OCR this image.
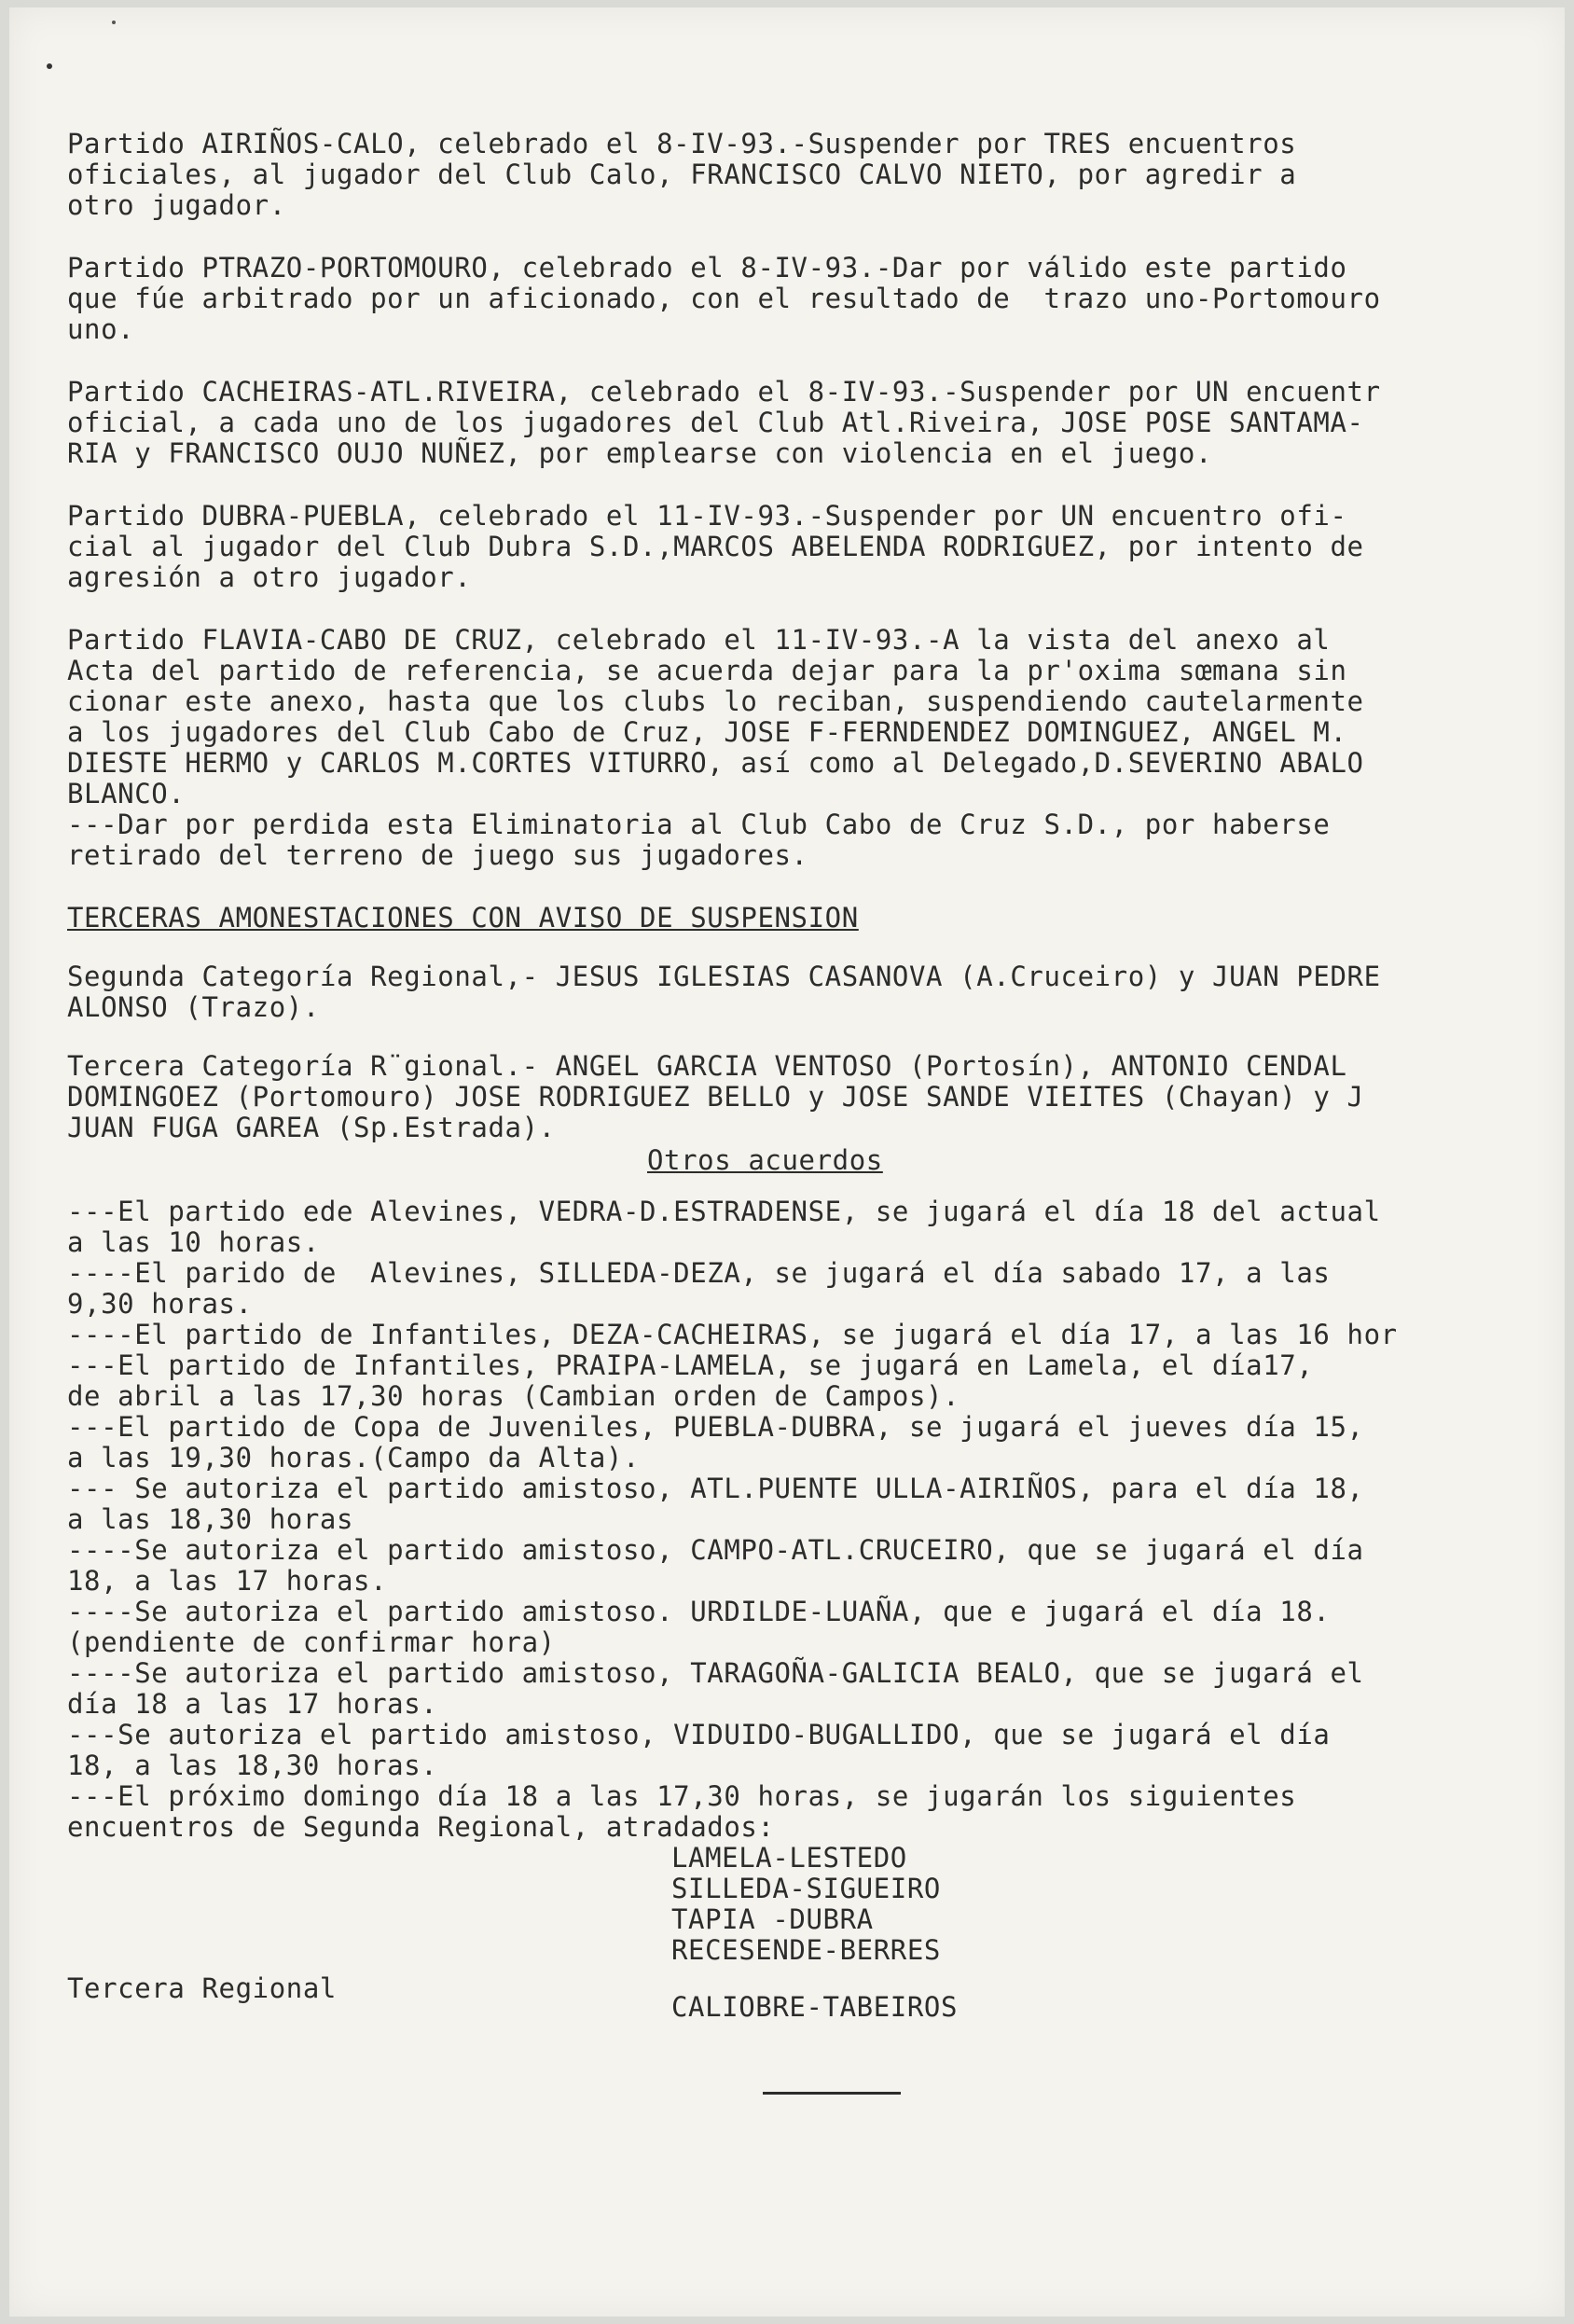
Partido AIRIÑOS-CALO, celebrado el 8-IV-93.-Suspender por TRES encuentros

oficiales, al jugador del Club Calo, FRANCISCO CALVO NIETO, por agredir a

otro jugador.

Partido PTRAZO-PORTOMOURO, celebrado el 8-IV-93.-Dar por válido este partido

que fúe arbitrado por un aficionado, con el resultado de  trazo uno-Portomouro

uno.

Partido CACHEIRAS-ATL.RIVEIRA, celebrado el 8-IV-93.-Suspender por UN encuentr

oficial, a cada uno de los jugadores del Club Atl.Riveira, JOSE POSE SANTAMA-

RIA y FRANCISCO OUJO NUÑEZ, por emplearse con violencia en el juego.

Partido DUBRA-PUEBLA, celebrado el 11-IV-93.-Suspender por UN encuentro ofi-

cial al jugador del Club Dubra S.D.,MARCOS ABELENDA RODRIGUEZ, por intento de

agresión a otro jugador.

Partido FLAVIA-CABO DE CRUZ, celebrado el 11-IV-93.-A la vista del anexo al

Acta del partido de referencia, se acuerda dejar para la pr'oxima sœmana sin

cionar este anexo, hasta que los clubs lo reciban, suspendiendo cautelarmente

a los jugadores del Club Cabo de Cruz, JOSE F-FERNDENDEZ DOMINGUEZ, ANGEL M.

DIESTE HERMO y CARLOS M.CORTES VITURRO, así como al Delegado,D.SEVERINO ABALO

BLANCO.

---Dar por perdida esta Eliminatoria al Club Cabo de Cruz S.D., por haberse

retirado del terreno de juego sus jugadores.

TERCERAS AMONESTACIONES CON AVISO DE SUSPENSION

Segunda Categoría Regional,- JESUS IGLESIAS CASANOVA (A.Cruceiro) y JUAN PEDRE

ALONSO (Trazo).

Tercera Categoría R¨gional.- ANGEL GARCIA VENTOSO (Portosín), ANTONIO CENDAL

DOMINGOEZ (Portomouro) JOSE RODRIGUEZ BELLO y JOSE SANDE VIEITES (Chayan) y J

JUAN FUGA GAREA (Sp.Estrada).

Otros acuerdos

---El partido ede Alevines, VEDRA-D.ESTRADENSE, se jugará el día 18 del actual

a las 10 horas.

----El parido de  Alevines, SILLEDA-DEZA, se jugará el día sabado 17, a las

9,30 horas.

----El partido de Infantiles, DEZA-CACHEIRAS, se jugará el día 17, a las 16 hor

---El partido de Infantiles, PRAIPA-LAMELA, se jugará en Lamela, el día17,

de abril a las 17,30 horas (Cambian orden de Campos).

---El partido de Copa de Juveniles, PUEBLA-DUBRA, se jugará el jueves día 15,

a las 19,30 horas.(Campo da Alta).

--- Se autoriza el partido amistoso, ATL.PUENTE ULLA-AIRIÑOS, para el día 18,

a las 18,30 horas

----Se autoriza el partido amistoso, CAMPO-ATL.CRUCEIRO, que se jugará el día

18, a las 17 horas.

----Se autoriza el partido amistoso. URDILDE-LUAÑA, que e jugará el día 18.

(pendiente de confirmar hora)

----Se autoriza el partido amistoso, TARAGOÑA-GALICIA BEALO, que se jugará el

día 18 a las 17 horas.

---Se autoriza el partido amistoso, VIDUIDO-BUGALLIDO, que se jugará el día

18, a las 18,30 horas.

---El próximo domingo día 18 a las 17,30 horas, se jugarán los siguientes

encuentros de Segunda Regional, atradados:

LAMELA-LESTEDO

SILLEDA-SIGUEIRO

TAPIA -DUBRA

RECESENDE-BERRES

Tercera Regional

CALIOBRE-TABEIROS
